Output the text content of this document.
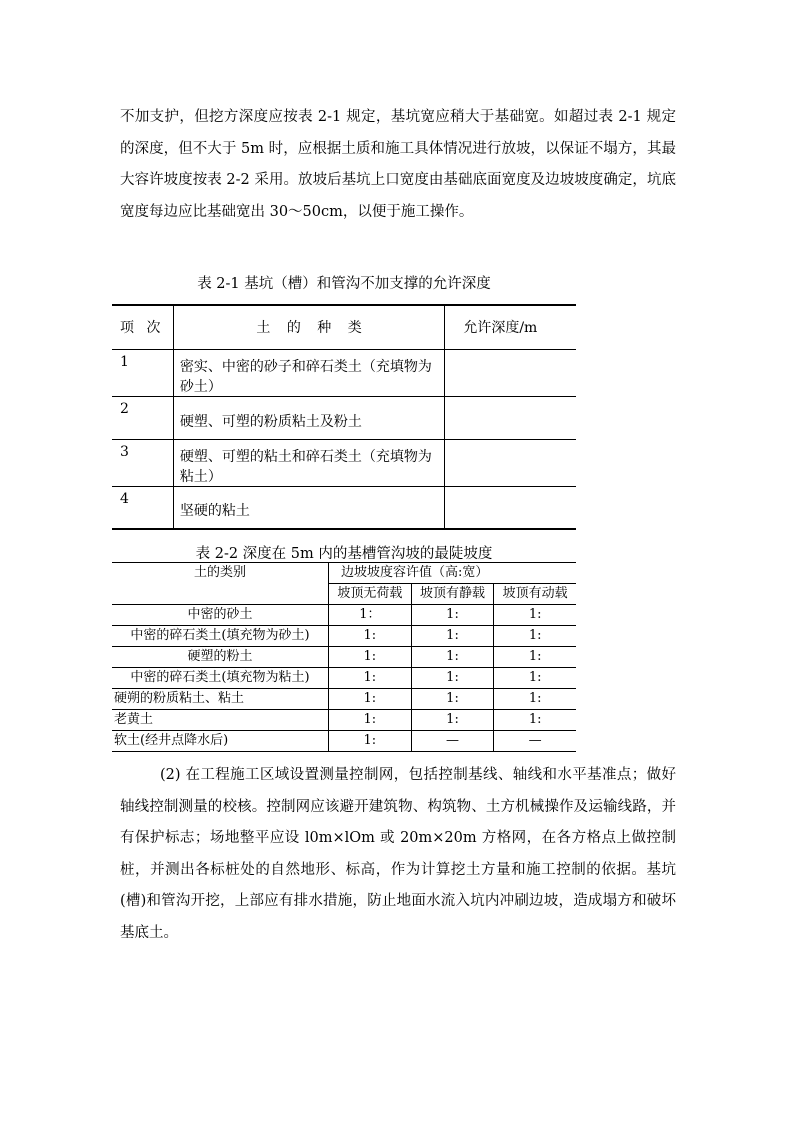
不加支护，但挖方深度应按表 2-1 规定，基坑宽应稍大于基础宽。如超过表 2-1 规定的深度，但不大于 5m 时，应根据土质和施工具体情况进行放坡，以保证不塌方，其最大容许坡度按表 2-2 采用。放坡后基坑上口宽度由基础底面宽度及边坡坡度确定，坑底宽度每边应比基础宽出 30～50cm，以便于施工操作。

表 2-1 基坑（槽）和管沟不加支撑的允许深度
项 次	土 的 种 类	允许深度/m
1	密实、中密的砂子和碎石类土（充填物为砂土）	
2	硬塑、可塑的粉质粘土及粉土	
3	硬塑、可塑的粘土和碎石类土（充填物为粘土）	
4	坚硬的粘土	
表 2-2 深度在 5m 内的基槽管沟坡的最陡坡度
土的类别	边坡坡度容许值（高:宽）		
	坡顶无荷载	坡顶有静载	坡顶有动载
中密的砂土	1：	1:	1:
中密的碎石类土(填充物为砂土)	1:	1:	1:
硬塑的粉土	1:	1:	1:
中密的碎石类土(填充物为粘土)	1:	1:	1:
硬朔的粉质粘土、粘土	1:	1:	1:
老黄土	1:	1:	1:
软土(经井点降水后)	1:	—	—

(2) 在工程施工区域设置测量控制网，包括控制基线、轴线和水平基准点；做好轴线控制测量的校核。控制网应该避开建筑物、构筑物、土方机械操作及运输线路，并有保护标志；场地整平应设 l0m×lOm 或 20m×20m 方格网，在各方格点上做控制桩，并测出各标桩处的自然地形、标高，作为计算挖土方量和施工控制的依据。基坑(槽)和管沟开挖，上部应有排水措施，防止地面水流入坑内冲刷边坡，造成塌方和破坏基底土。
